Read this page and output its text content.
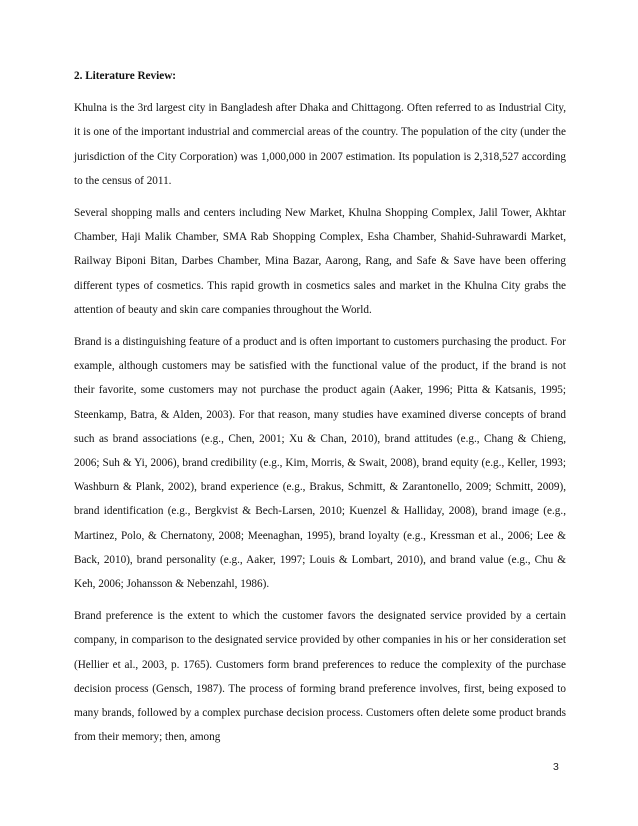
2. Literature Review:

Khulna is the 3rd largest city in Bangladesh after Dhaka and Chittagong. Often referred to as Industrial City, it is one of the important industrial and commercial areas of the country. The population of the city (under the jurisdiction of the City Corporation) was 1,000,000 in 2007 estimation. Its population is 2,318,527 according to the census of 2011.

Several shopping malls and centers including New Market, Khulna Shopping Complex, Jalil Tower, Akhtar Chamber, Haji Malik Chamber, SMA Rab Shopping Complex, Esha Chamber, Shahid-Suhrawardi Market, Railway Biponi Bitan, Darbes Chamber, Mina Bazar, Aarong, Rang, and Safe & Save have been offering different types of cosmetics. This rapid growth in cosmetics sales and market in the Khulna City grabs the attention of beauty and skin care companies throughout the World.

Brand is a distinguishing feature of a product and is often important to customers purchasing the product. For example, although customers may be satisfied with the functional value of the product, if the brand is not their favorite, some customers may not purchase the product again (Aaker, 1996; Pitta & Katsanis, 1995; Steenkamp, Batra, & Alden, 2003). For that reason, many studies have examined diverse concepts of brand such as brand associations (e.g., Chen, 2001; Xu & Chan, 2010), brand attitudes (e.g., Chang & Chieng, 2006; Suh & Yi, 2006), brand credibility (e.g., Kim, Morris, & Swait, 2008), brand equity (e.g., Keller, 1993; Washburn & Plank, 2002), brand experience (e.g., Brakus, Schmitt, & Zarantonello, 2009; Schmitt, 2009), brand identification (e.g., Bergkvist & Bech-Larsen, 2010; Kuenzel & Halliday, 2008), brand image (e.g., Martinez, Polo, & Chernatony, 2008; Meenaghan, 1995), brand loyalty (e.g., Kressman et al., 2006; Lee & Back, 2010), brand personality (e.g., Aaker, 1997; Louis & Lombart, 2010), and brand value (e.g., Chu & Keh, 2006; Johansson & Nebenzahl, 1986).

Brand preference is the extent to which the customer favors the designated service provided by a certain company, in comparison to the designated service provided by other companies in his or her consideration set (Hellier et al., 2003, p. 1765). Customers form brand preferences to reduce the complexity of the purchase decision process (Gensch, 1987). The process of forming brand preference involves, first, being exposed to many brands, followed by a complex purchase decision process. Customers often delete some product brands from their memory; then, among

3
